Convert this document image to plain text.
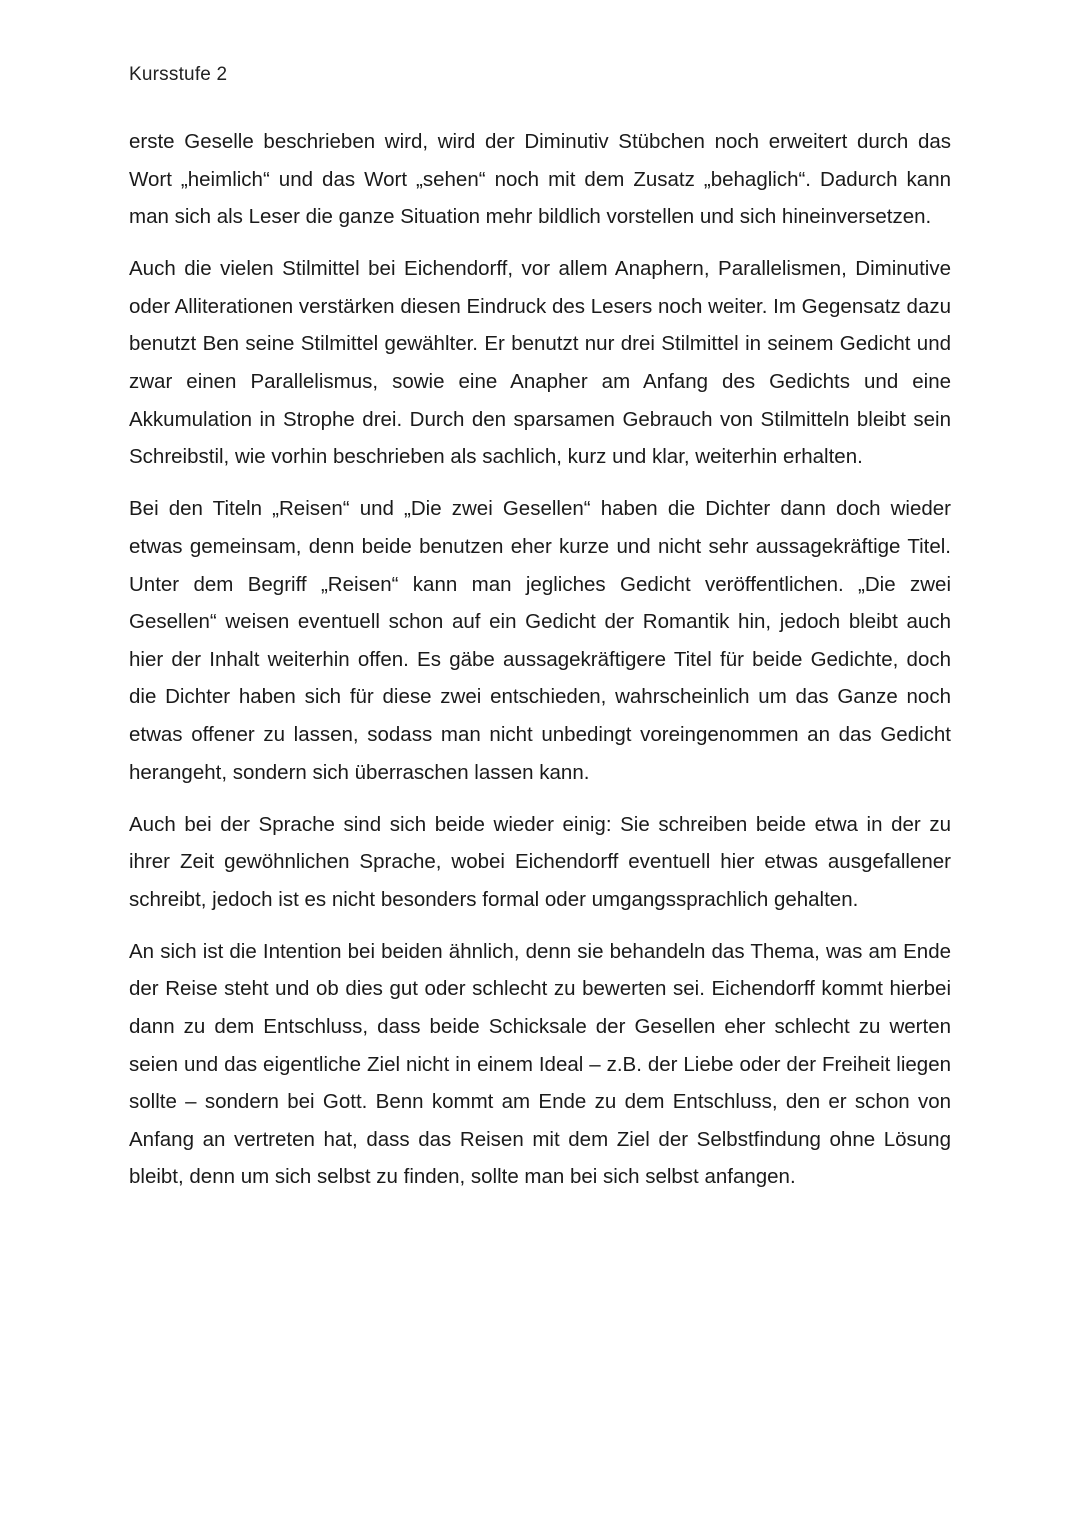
Kursstufe 2

erste Geselle beschrieben wird, wird der Diminutiv Stübchen noch erweitert durch das Wort „heimlich“ und das Wort „sehen“ noch mit dem Zusatz „behaglich“. Dadurch kann man sich als Leser die ganze Situation mehr bildlich vorstellen und sich hineinversetzen.

Auch die vielen Stilmittel bei Eichendorff, vor allem Anaphern, Parallelismen, Diminutive oder Alliterationen verstärken diesen Eindruck des Lesers noch weiter. Im Gegensatz dazu benutzt Ben seine Stilmittel gewählter. Er benutzt nur drei Stilmittel in seinem Gedicht und zwar einen Parallelismus, sowie eine Anapher am Anfang des Gedichts und eine Akkumulation in Strophe drei. Durch den sparsamen Gebrauch von Stilmitteln bleibt sein Schreibstil, wie vorhin beschrieben als sachlich, kurz und klar, weiterhin erhalten.

Bei den Titeln „Reisen“ und „Die zwei Gesellen“ haben die Dichter dann doch wieder etwas gemeinsam, denn beide benutzen eher kurze und nicht sehr aussagekräftige Titel. Unter dem Begriff „Reisen“ kann man jegliches Gedicht veröffentlichen. „Die zwei Gesellen“ weisen eventuell schon auf ein Gedicht der Romantik hin, jedoch bleibt auch hier der Inhalt weiterhin offen. Es gäbe aussagekräftigere Titel für beide Gedichte, doch die Dichter haben sich für diese zwei entschieden, wahrscheinlich um das Ganze noch etwas offener zu lassen, sodass man nicht unbedingt voreingenommen an das Gedicht herangeht, sondern sich überraschen lassen kann.

Auch bei der Sprache sind sich beide wieder einig: Sie schreiben beide etwa in der zu ihrer Zeit gewöhnlichen Sprache, wobei Eichendorff eventuell hier etwas ausgefallener schreibt, jedoch ist es nicht besonders formal oder umgangssprachlich gehalten.

An sich ist die Intention bei beiden ähnlich, denn sie behandeln das Thema, was am Ende der Reise steht und ob dies gut oder schlecht zu bewerten sei. Eichendorff kommt hierbei dann zu dem Entschluss, dass beide Schicksale der Gesellen eher schlecht zu werten seien und das eigentliche Ziel nicht in einem Ideal – z.B. der Liebe oder der Freiheit liegen sollte – sondern bei Gott. Benn kommt am Ende zu dem Entschluss, den er schon von Anfang an vertreten hat, dass das Reisen mit dem Ziel der Selbstfindung ohne Lösung bleibt, denn um sich selbst zu finden, sollte man bei sich selbst anfangen.
